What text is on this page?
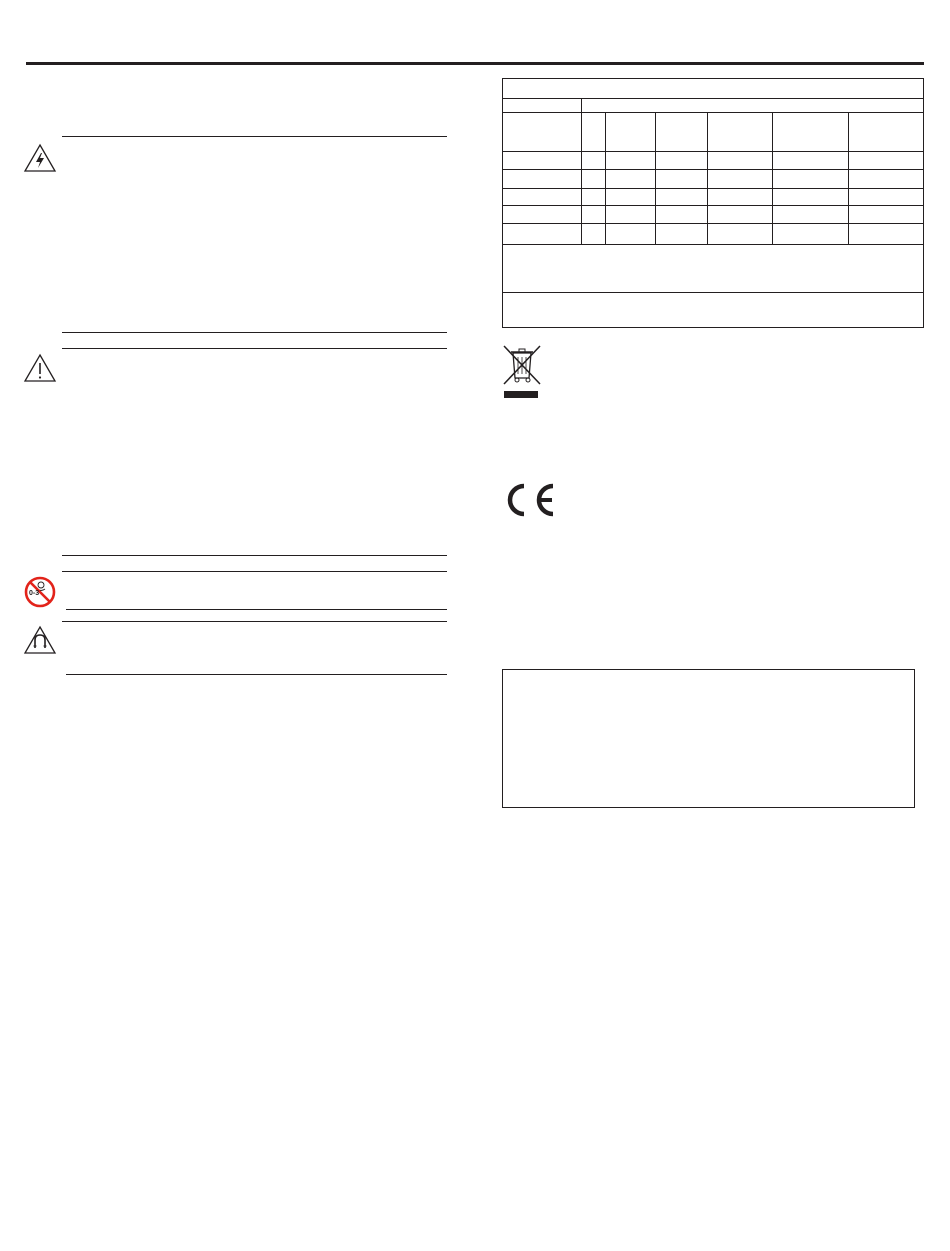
0-3
